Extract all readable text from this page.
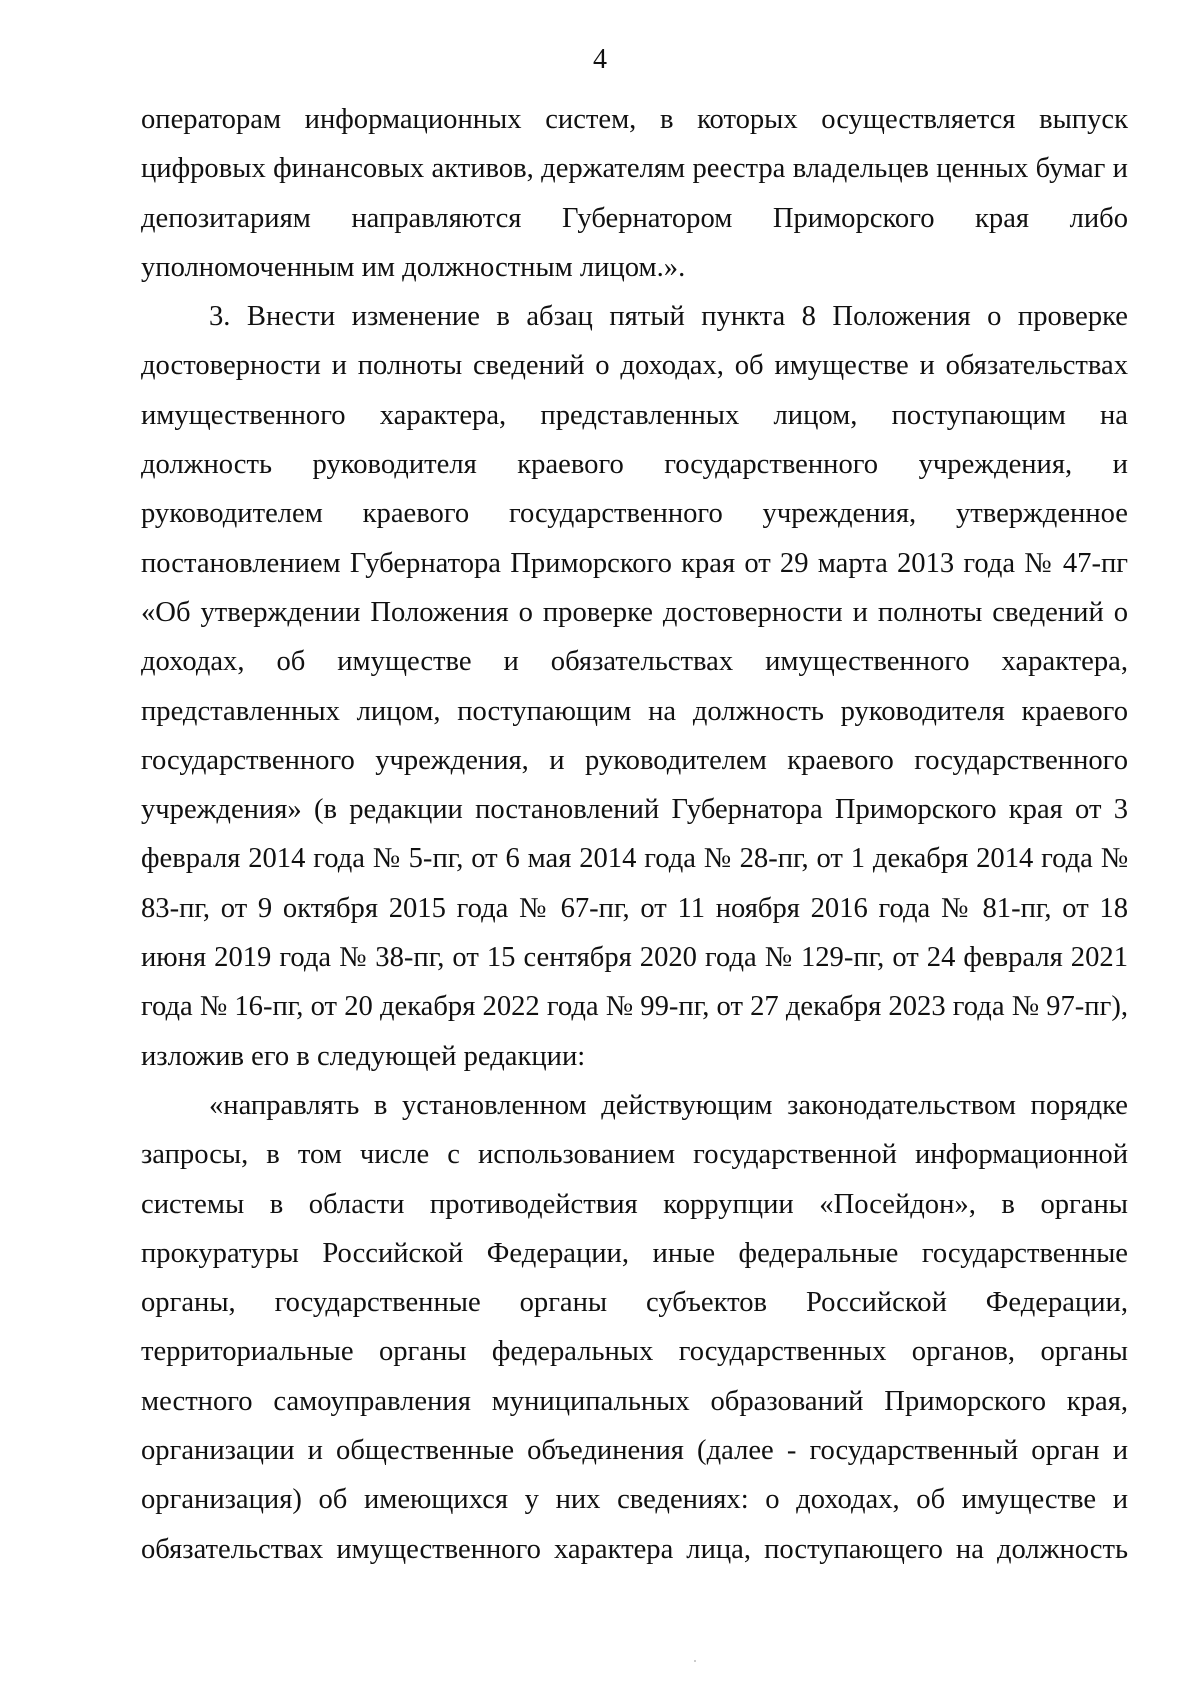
4

операторам информационных систем, в которых осуществляется выпуск цифровых финансовых активов, держателям реестра владельцев ценных бумаг и депозитариям направляются Губернатором Приморского края либо уполномоченным им должностным лицом.».

3. Внести изменение в абзац пятый пункта 8 Положения о проверке достоверности и полноты сведений о доходах, об имуществе и обязательствах имущественного характера, представленных лицом, поступающим на должность руководителя краевого государственного учреждения, и руководителем краевого государственного учреждения, утвержденное постановлением Губернатора Приморского края от 29 марта 2013 года № 47-пг «Об утверждении Положения о проверке достоверности и полноты сведений о доходах, об имуществе и обязательствах имущественного характера, представленных лицом, поступающим на должность руководителя краевого государственного учреждения, и руководителем краевого государственного учреждения» (в редакции постановлений Губернатора Приморского края от 3 февраля 2014 года № 5-пг, от 6 мая 2014 года № 28-пг, от 1 декабря 2014 года № 83-пг, от 9 октября 2015 года № 67-пг, от 11 ноября 2016 года № 81-пг, от 18 июня 2019 года № 38-пг, от 15 сентября 2020 года № 129-пг, от 24 февраля 2021 года № 16-пг, от 20 декабря 2022 года № 99-пг, от 27 декабря 2023 года № 97-пг), изложив его в следующей редакции:

«направлять в установленном действующим законодательством порядке запросы, в том числе с использованием государственной информационной системы в области противодействия коррупции «Посейдон», в органы прокуратуры Российской Федерации, иные федеральные государственные органы, государственные органы субъектов Российской Федерации, территориальные органы федеральных государственных органов, органы местного самоуправления муниципальных образований Приморского края, организации и общественные объединения (далее - государственный орган и организация) об имеющихся у них сведениях: о доходах, об имуществе и обязательствах имущественного характера лица, поступающего на должность
